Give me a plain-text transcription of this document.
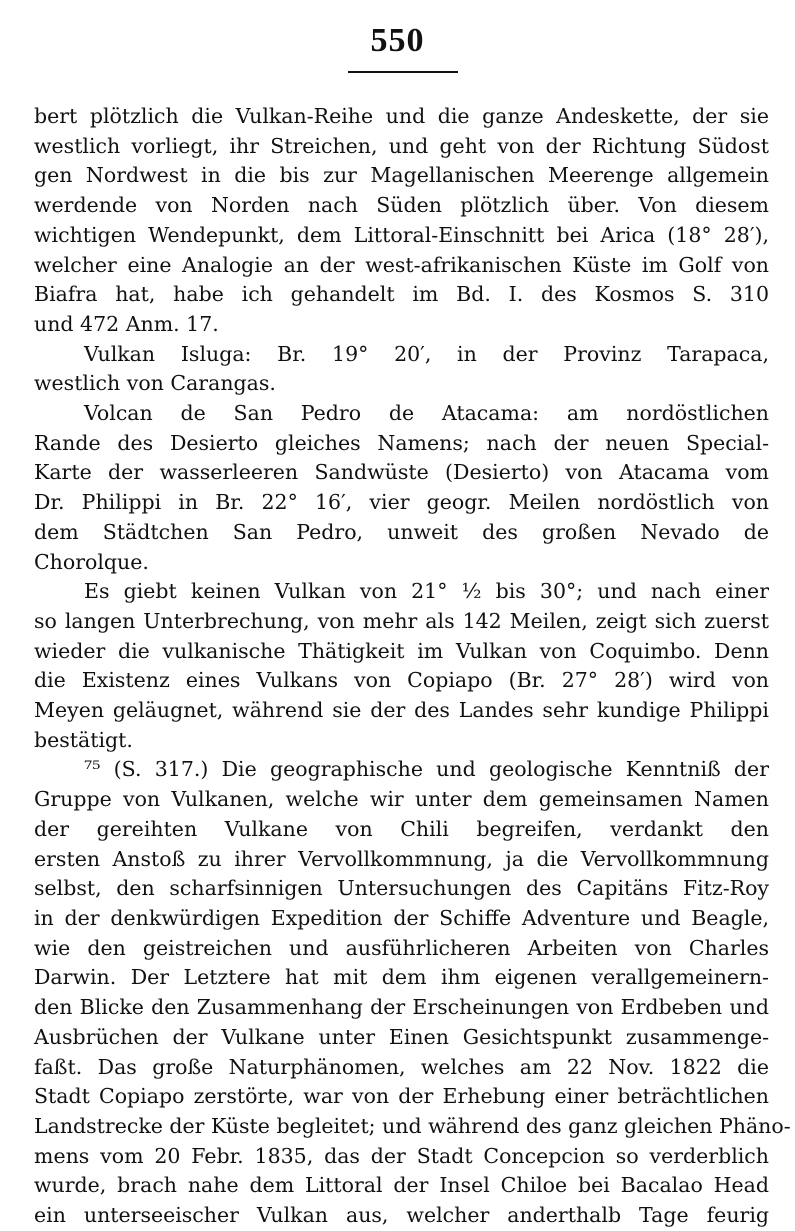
550
bert plötzlich die Vulkan-Reihe und die ganze Andeskette, der sie
westlich vorliegt, ihr Streichen, und geht von der Richtung Südost
gen Nordwest in die bis zur Magellanischen Meerenge allgemein
werdende von Norden nach Süden plötzlich über. Von diesem
wichtigen Wendepunkt, dem Littoral-Einschnitt bei Arica (18° 28′),
welcher eine Analogie an der west-afrikanischen Küste im Golf von
Biafra hat, habe ich gehandelt im Bd. I. des Kosmos S. 310
und 472 Anm. 17.
Vulkan Isluga: Br. 19° 20′, in der Provinz Tarapaca,
westlich von Carangas.
Volcan de San Pedro de Atacama: am nordöstlichen
Rande des Desierto gleiches Namens; nach der neuen Special-
Karte der wasserleeren Sandwüste (Desierto) von Atacama vom
Dr. Philippi in Br. 22° 16′, vier geogr. Meilen nordöstlich von
dem Städtchen San Pedro, unweit des großen Nevado de
Chorolque.
Es giebt keinen Vulkan von 21° ½ bis 30°; und nach einer
so langen Unterbrechung, von mehr als 142 Meilen, zeigt sich zuerst
wieder die vulkanische Thätigkeit im Vulkan von Coquimbo. Denn
die Existenz eines Vulkans von Copiapo (Br. 27° 28′) wird von
Meyen geläugnet, während sie der des Landes sehr kundige Philippi
bestätigt.
⁷⁵ (S. 317.) Die geographische und geologische Kenntniß der
Gruppe von Vulkanen, welche wir unter dem gemeinsamen Namen
der gereihten Vulkane von Chili begreifen, verdankt den
ersten Anstoß zu ihrer Vervollkommnung, ja die Vervollkommnung
selbst, den scharfsinnigen Untersuchungen des Capitäns Fitz-Roy
in der denkwürdigen Expedition der Schiffe Adventure und Beagle,
wie den geistreichen und ausführlicheren Arbeiten von Charles
Darwin. Der Letztere hat mit dem ihm eigenen verallgemeinern-
den Blicke den Zusammenhang der Erscheinungen von Erdbeben und
Ausbrüchen der Vulkane unter Einen Gesichtspunkt zusammenge-
faßt. Das große Naturphänomen, welches am 22 Nov. 1822 die
Stadt Copiapo zerstörte, war von der Erhebung einer beträchtlichen
Landstrecke der Küste begleitet; und während des ganz gleichen Phäno-
mens vom 20 Febr. 1835, das der Stadt Concepcion so verderblich
wurde, brach nahe dem Littoral der Insel Chiloe bei Bacalao Head
ein unterseeischer Vulkan aus, welcher anderthalb Tage feurig
